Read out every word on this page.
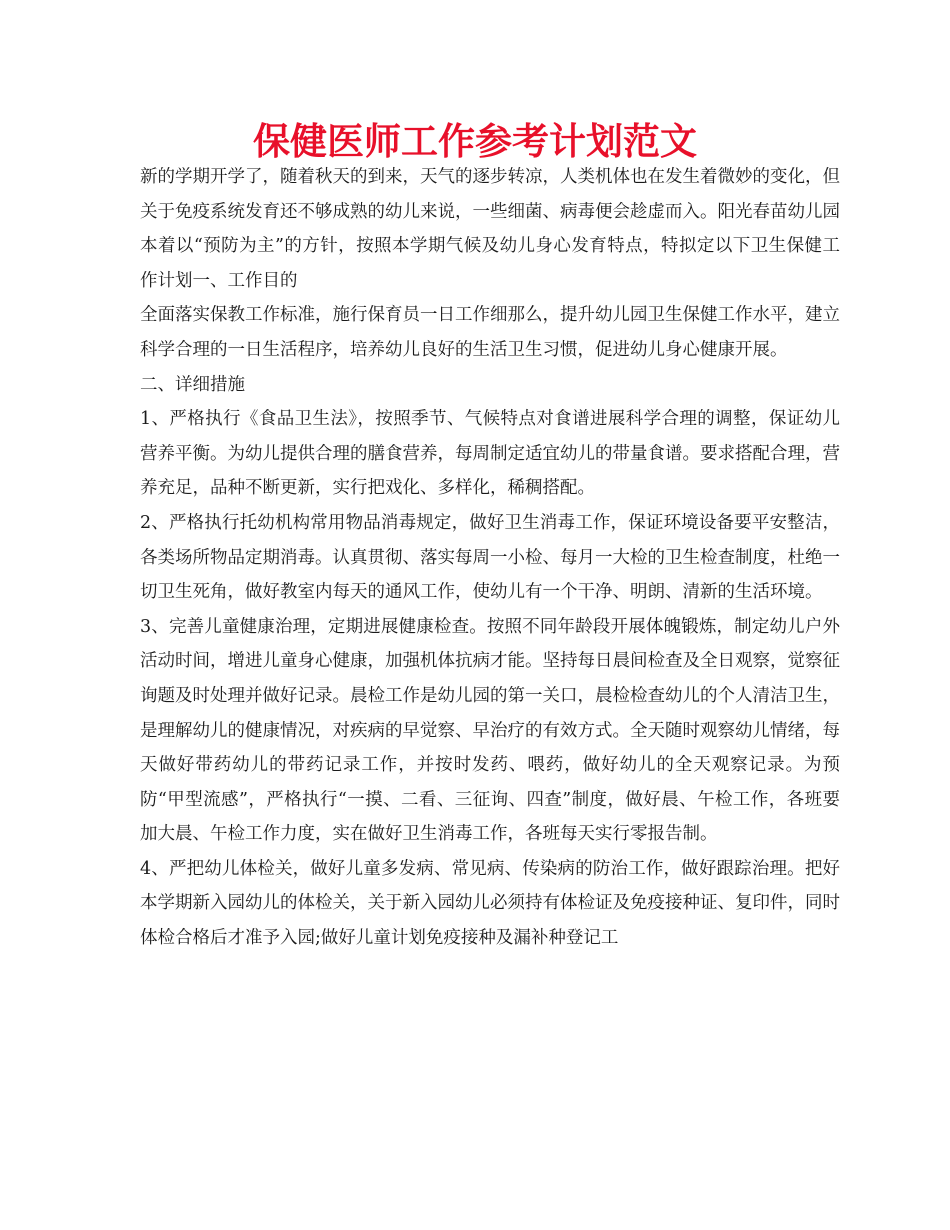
保健医师工作参考计划范文

新的学期开学了，随着秋天的到来，天气的逐步转凉，人类机体也在发生着微妙的变化，但关于免疫系统发育还不够成熟的幼儿来说，一些细菌、病毒便会趁虚而入。阳光春苗幼儿园本着以“预防为主”的方针，按照本学期气候及幼儿身心发育特点，特拟定以下卫生保健工作计划一、工作目的

全面落实保教工作标准，施行保育员一日工作细那么，提升幼儿园卫生保健工作水平，建立科学合理的一日生活程序，培养幼儿良好的生活卫生习惯，促进幼儿身心健康开展。

二、详细措施

1、严格执行《食品卫生法》，按照季节、气候特点对食谱进展科学合理的调整，保证幼儿营养平衡。为幼儿提供合理的膳食营养，每周制定适宜幼儿的带量食谱。要求搭配合理，营养充足，品种不断更新，实行把戏化、多样化，稀稠搭配。

2、严格执行托幼机构常用物品消毒规定，做好卫生消毒工作，保证环境设备要平安整洁，各类场所物品定期消毒。认真贯彻、落实每周一小检、每月一大检的卫生检查制度，杜绝一切卫生死角，做好教室内每天的通风工作，使幼儿有一个干净、明朗、清新的生活环境。

3、完善儿童健康治理，定期进展健康检查。按照不同年龄段开展体魄锻炼，制定幼儿户外活动时间，增进儿童身心健康，加强机体抗病才能。坚持每日晨间检查及全日观察，觉察征询题及时处理并做好记录。晨检工作是幼儿园的第一关口，晨检检查幼儿的个人清洁卫生，是理解幼儿的健康情况，对疾病的早觉察、早治疗的有效方式。全天随时观察幼儿情绪，每天做好带药幼儿的带药记录工作，并按时发药、喂药，做好幼儿的全天观察记录。为预防“甲型流感”，严格执行“一摸、二看、三征询、四查”制度，做好晨、午检工作，各班要加大晨、午检工作力度，实在做好卫生消毒工作，各班每天实行零报告制。

4、严把幼儿体检关，做好儿童多发病、常见病、传染病的防治工作，做好跟踪治理。把好本学期新入园幼儿的体检关，关于新入园幼儿必须持有体检证及免疫接种证、复印件，同时体检合格后才准予入园;做好儿童计划免疫接种及漏补种登记工
